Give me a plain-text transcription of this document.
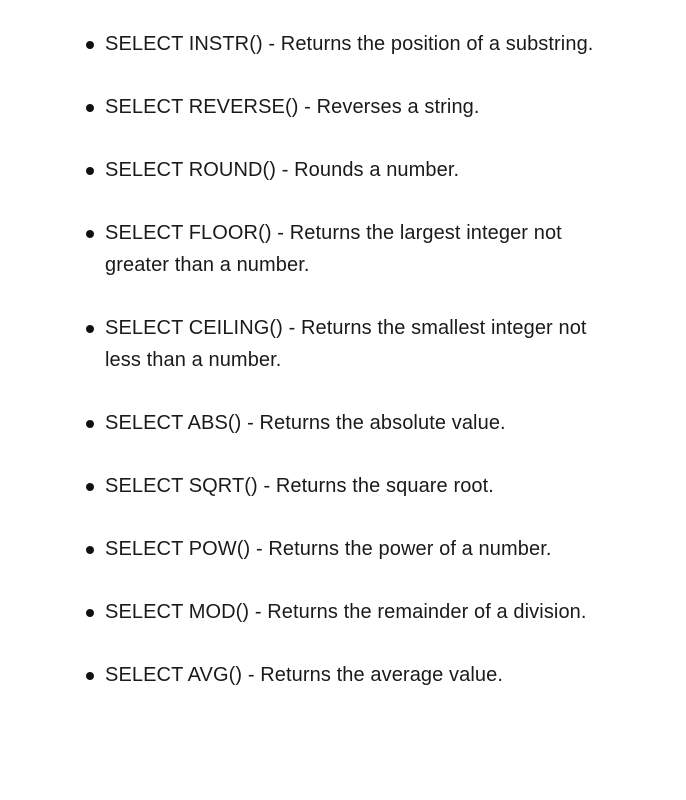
SELECT INSTR() - Returns the position of a substring.
SELECT REVERSE() - Reverses a string.
SELECT ROUND() - Rounds a number.
SELECT FLOOR() - Returns the largest integer not greater than a number.
SELECT CEILING() - Returns the smallest integer not less than a number.
SELECT ABS() - Returns the absolute value.
SELECT SQRT() - Returns the square root.
SELECT POW() - Returns the power of a number.
SELECT MOD() - Returns the remainder of a division.
SELECT AVG() - Returns the average value.
